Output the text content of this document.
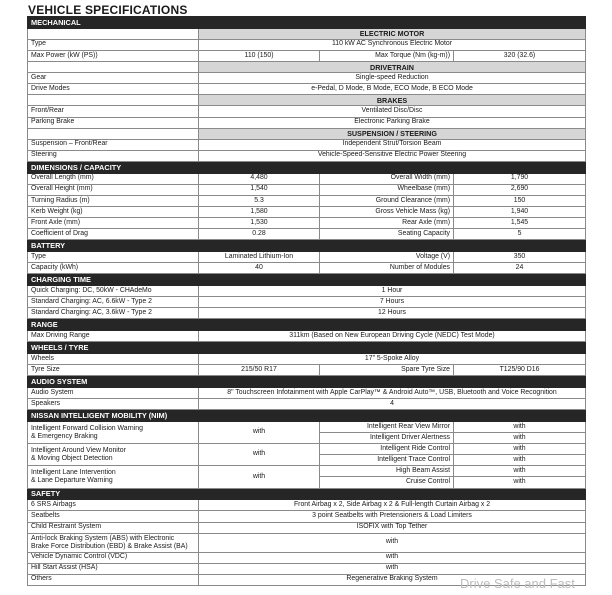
VEHICLE SPECIFICATIONS
MECHANICAL			
	ELECTRIC MOTOR		
Type	110 kW AC Synchronous Electric Motor		
Max Power (kW (PS))	110 (150)	Max Torque (Nm (kg-m))	320 (32.6)
	DRIVETRAIN		
Gear	Single-speed Reduction		
Drive Modes	e-Pedal, D Mode, B Mode, ECO Mode, B ECO Mode		
	BRAKES		
Front/Rear	Ventilated Disc/Disc		
Parking Brake	Electronic Parking Brake		
	SUSPENSION / STEERING		
Suspension – Front/Rear	Independent Strut/Torsion Beam		
Steering	Vehicle-Speed-Sensitive Electric Power Steering		
DIMENSIONS / CAPACITY			
Overall Length (mm)	4,480	Overall Width (mm)	1,790
Overall Height (mm)	1,540	Wheelbase (mm)	2,690
Turning Radius (m)	5.3	Ground Clearance (mm)	150
Kerb Weight (kg)	1,580	Gross Vehicle Mass (kg)	1,940
Front Axle (mm)	1,530	Rear Axle (mm)	1,545
Coefficient of Drag	0.28	Seating Capacity	5
BATTERY			
Type	Laminated Lithium-Ion	Voltage (V)	350
Capacity (kWh)	40	Number of Modules	24
CHARGING TIME			
Quick Charging: DC, 50kW - CHAdeMo	1 Hour		
Standard Charging: AC, 6.6kW - Type 2	7 Hours		
Standard Charging: AC, 3.6kW - Type 2	12 Hours		
RANGE			
Max Driving Range	311km (Based on New European Driving Cycle (NEDC) Test Mode)		
WHEELS / TYRE			
Wheels	17" 5-Spoke Alloy		
Tyre Size	215/50 R17	Spare Tyre Size	T125/90 D16
AUDIO SYSTEM			
Audio System	8" Touchscreen Infotainment with Apple CarPlay™ & Android Auto™, USB, Bluetooth and Voice Recognition		
Speakers	4		
NISSAN INTELLIGENT MOBILITY (NIM)			
Intelligent Forward Collision Warning
& Emergency Braking	with	Intelligent Rear View Mirror	with
		Intelligent Driver Alertness	with
Intelligent Around View Monitor
& Moving Object Detection	with	Intelligent Ride Control	with
		Intelligent Trace Control	with
Intelligent Lane Intervention
& Lane Departure Warning	with	High Beam Assist	with
		Cruise Control	with
SAFETY			
6 SRS Airbags	Front Airbag x 2, Side Airbag x 2 & Full-length Curtain Airbag x 2		
Seatbelts	3 point Seatbelts with Pretensioners & Load Limiters		
Child Restraint System	ISOFIX with Top Tether		
Anti-lock Braking System (ABS) with Electronic
Brake Force Distribution (EBD) & Brake Assist (BA)	with		
Vehicle Dynamic Control (VDC)	with		
Hill Start Assist (HSA)	with		
Others	Regenerative Braking System		Drive Safe and Fast
